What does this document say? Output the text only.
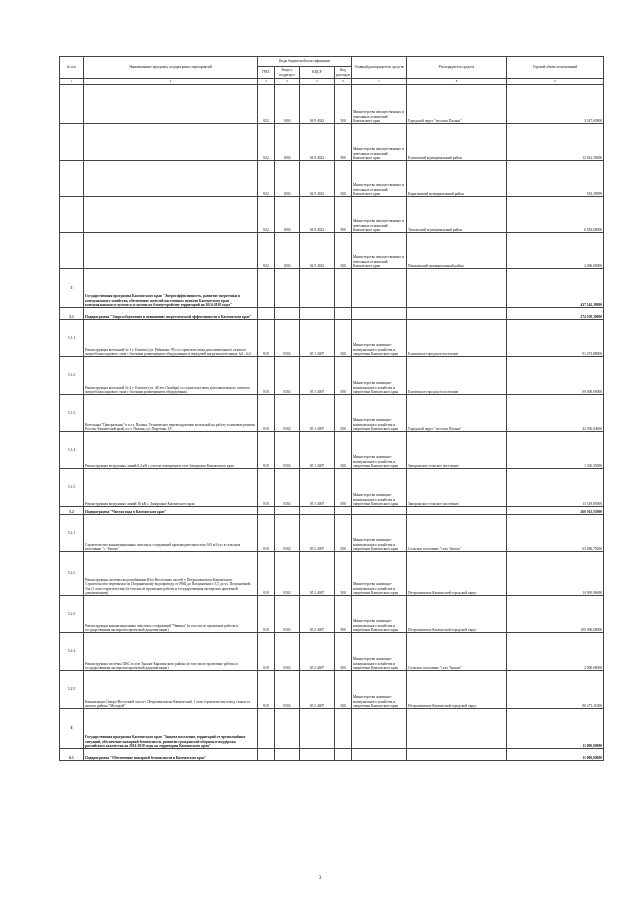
№ п/п	Наименование программ, подпрограмм, мероприятий	Коды бюджетной классификации				Главный распорядитель средств	Распорядитель средств	Годовой объем ассигнований
		ГРБС	Раздел, подраздел	КЦСР	Код расходов			
1	2	3	4	5	6	7	8	9
		822	1004	04 9 4022	500	Министерство имущественных и земельных отношений Камчатского края	Городской округ "поселок Палана"	3 317,65900
		822	1004	04 9 4022	500	Министерство имущественных и земельных отношений Камчатского края	Елизовский муниципальный район	12 922,30000
		822	1004	04 9 4022	500	Министерство имущественных и земельных отношений Камчатского края	Карагинский муниципальный район	510,39999
		822	1004	04 9 4022	500	Министерство имущественных и земельных отношений Камчатского края	Тигильский муниципальный район	6 583,00000
		822	1004	04 9 4022	500	Министерство имущественных и земельных отношений Камчатского края	Пенжинский муниципальный район	2 496,00000
5	Государственная программа Камчатского края "Энергоэффективность, развитие энергетики и коммунального хозяйства, обеспечение жителей населенных пунктов Камчатского края коммунальными услугами и услугами по благоустройству территорий на 2014-2018 годы"							437 542,39900
5.1	Подпрограмма "Энергосбережение и повышение энергетической эффективности в Камчатском крае"							274 550,30000
5.1.1	Реконструкция котельной № 3 г. Елизово (ул. Рябикова, 59) со строительством дополнительного газового энергоблока парового типа с блочным размещением оборудования и передачей нагрузки котельных №1, №3	810	0502	05 1 4007	500	Министерство жилищно-коммунального хозяйства и энергетики Камчатского края	Елизовское городское поселение	91 473,88000
5.1.2	Реконструкция котельной № 4 г. Елизово (ул. 40 лет Октября) со строительством дополнительного газового энергоблока парового типа с блочным размещением оборудования	810	0502	05 1 4007	500	Министерство жилищно-коммунального хозяйства и энергетики Камчатского края	Елизовское городское поселение	60 000,00000
5.1.3	Котельная "Центральная" в п.г.т. Палана. Техническое перевооружение котельной на работу в пиковом режиме. Россия, Камчатский край, п.г.т. Палана, ул. Поротова, 18	810	0502	05 1 4007	500	Министерство жилищно-коммунального хозяйства и энергетики Камчатского края	Городской округ "поселок Палана"	42 056,04000
5.1.4	Реконструкция воздушных линий 0,4 кВ с учетом освещения в селе Запорожье Камчатского края	810	0502	05 1 4007	500	Министерство жилищно-коммунального хозяйства и энергетики Камчатского края	Запорожское сельское поселение	1 356,55000
5.1.5	Реконструкция воздушных линий 10 кВ с. Запорожье Камчатского края	810	0502	05 1 4007	500	Министерство жилищно-коммунального хозяйства и энергетики Камчатского края	Запорожское сельское поселение	13 318,85000
5.2	Подпрограмма "Чистая вода в Камчатском крае"							260 561,55900
5.2.1	Строительство канализационных очистных сооружений производительностью 165 м3/сут в сельском поселении "с. Тигиль"	810	0502	05 2 4007	500	Министерство жилищно-коммунального хозяйства и энергетики Камчатского края	Сельское поселение "село Тигиль"	63 286,75000
5.2.2	Реконструкция системы водоснабжения Юго-Восточных частей г. Петропавловска-Камчатского. Строительство перемычки по Пограничному водопроводу от РВЦ до Пограничного 3,5 до ул. Пограничной, 33а (1 этап строительства) (в том числе проектные работы и государственная экспертиза проектной документации)	810	0502	05 2 4007	500	Министерство жилищно-коммунального хозяйства и энергетики Камчатского края	Петропавловск-Камчатский городской округ	14 995,96000
5.2.3	Реконструкция канализационных очистных сооружений "Чавыча" (в том числе проектные работы и государственная экспертиза проектной документации)	810	0502	05 2 4007	500	Министерство жилищно-коммунального хозяйства и энергетики Камчатского края	Петропавловск-Камчатский городской округ	100 000,00000
5.2.4	Реконструкция системы ХВС в селе Тымлат Карагинского района (в том числе проектные работы и государственная экспертиза проектной документации)	810	0502	05 2 4007	500	Министерство жилищно-коммунального хозяйства и энергетики Камчатского края	Сельское поселение "село Тымлат"	2 000,00000
5.2.5	Канализация Северо-Восточной части г. Петропавловска-Камчатский. 1 этап строительства отвод стоков от жилого района "Молодой"	810	0502	05 2 4007	500	Министерство жилищно-коммунального хозяйства и энергетики Камчатского края	Петропавловск-Камчатский городской округ	80 273,11000
6	Государственная программа Камчатского края "Защита населения, территорий от чрезвычайных ситуаций, обеспечение пожарной безопасности, развитие гражданской обороны и поддержка российского казачества на 2014-2018 годы на территории Камчатского края"							11 000,00000
6.1	Подпрограмма "Обеспечение пожарной безопасности в Камчатском крае"							11 000,00000
3
